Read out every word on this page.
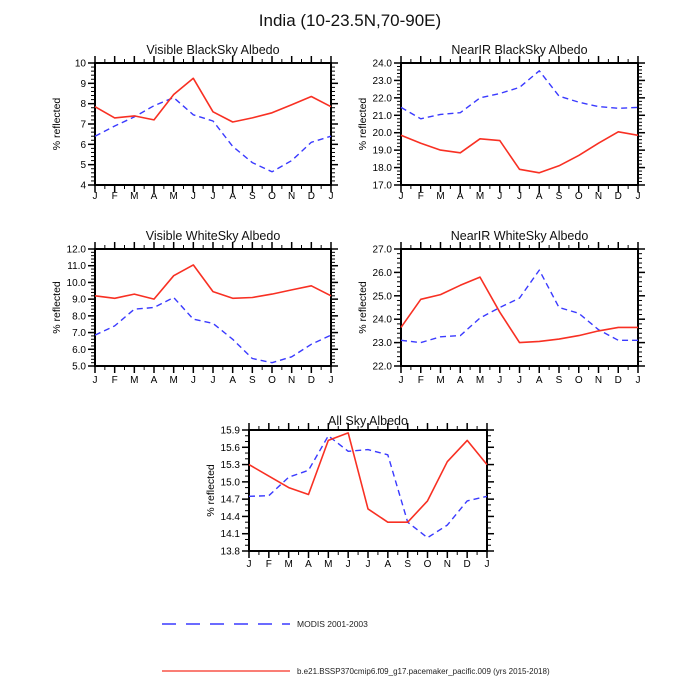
India (10-23.5N,70-90E)
J F M A M J J A S O N D J
4
5
6
7
8
9
10
Visible BlackSky Albedo
% reflected
J F M A M J J A S O N D J
17.0
18.0
19.0
20.0
21.0
22.0
23.0
24.0
NearIR BlackSky Albedo
% reflected
J F M A M J J A S O N D J
5.0
6.0
7.0
8.0
9.0
10.0
11.0
12.0
Visible WhiteSky Albedo
% reflected
J F M A M J J A S O N D J
22.0
23.0
24.0
25.0
26.0
27.0
NearIR WhiteSky Albedo
% reflected
J F M A M J J A S O N D J
13.8
14.1
14.4
14.7
15.0
15.3
15.6
15.9
All Sky Albedo
% reflected
MODIS 2001-2003
b.e21.BSSP370cmip6.f09_g17.pacemaker_pacific.009 (yrs 2015-2018)
